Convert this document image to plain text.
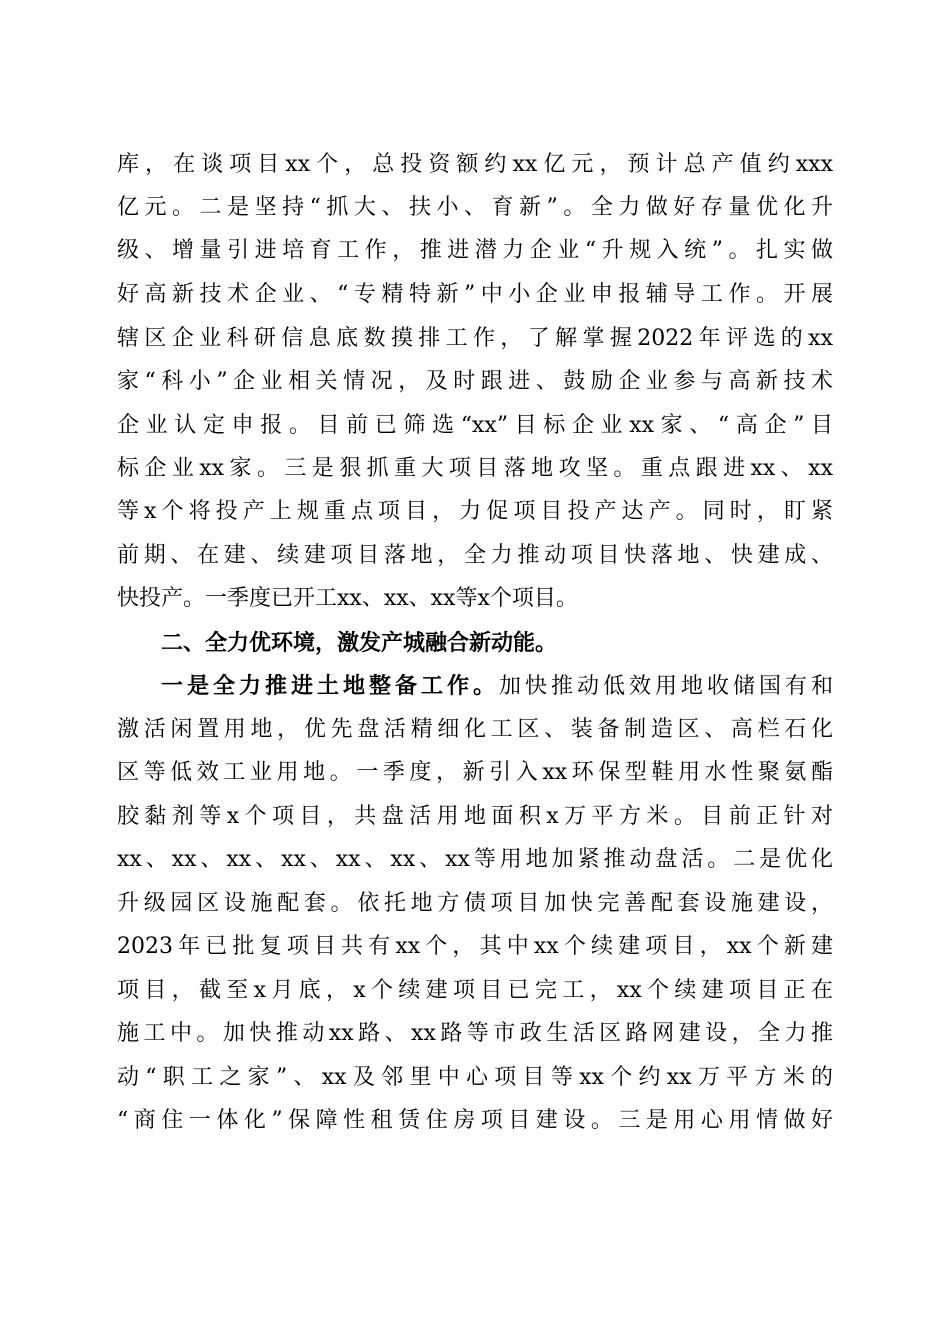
库，在谈项目xx个，总投资额约xx亿元，预计总产值约xxx
亿元。二是坚持“抓大、扶小、育新”。全力做好存量优化升
级、增量引进培育工作，推进潜力企业“升规入统”。扎实做
好高新技术企业、“专精特新”中小企业申报辅导工作。开展
辖区企业科研信息底数摸排工作，了解掌握2022年评选的xx
家“科小”企业相关情况，及时跟进、鼓励企业参与高新技术
企业认定申报。目前已筛选“xx”目标企业xx家、“高企”目
标企业xx家。三是狠抓重大项目落地攻坚。重点跟进xx、xx
等x个将投产上规重点项目，力促项目投产达产。同时，盯紧
前期、在建、续建项目落地，全力推动项目快落地、快建成、
快投产。一季度已开工xx、xx、xx等x个项目。
二、全力优环境，激发产城融合新动能。
一是全力推进土地整备工作。加快推动低效用地收储国有和
激活闲置用地，优先盘活精细化工区、装备制造区、高栏石化
区等低效工业用地。一季度，新引入xx环保型鞋用水性聚氨酯
胶黏剂等x个项目，共盘活用地面积x万平方米。目前正针对
xx、xx、xx、xx、xx、xx、xx等用地加紧推动盘活。二是优化
升级园区设施配套。依托地方债项目加快完善配套设施建设，
2023年已批复项目共有xx个，其中xx个续建项目，xx个新建
项目，截至x月底，x个续建项目已完工，xx个续建项目正在
施工中。加快推动xx路、xx路等市政生活区路网建设，全力推
动“职工之家”、xx及邻里中心项目等xx个约xx万平方米的
“商住一体化”保障性租赁住房项目建设。三是用心用情做好
